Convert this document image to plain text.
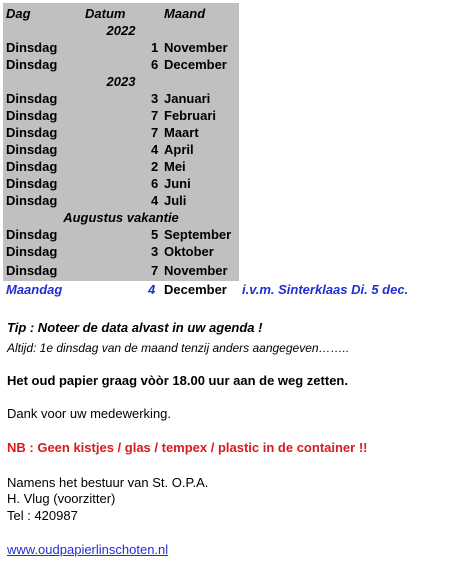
Dag	Datum	Maand
2022
Dinsdag	1 November
Dinsdag	6 December
2023
Dinsdag	3 Januari
Dinsdag	7 Februari
Dinsdag	7 Maart
Dinsdag	4 April
Dinsdag	2 Mei
Dinsdag	6 Juni
Dinsdag	4 Juli
Augustus vakantie
Dinsdag	5 September
Dinsdag	3 Oktober
Dinsdag	7 November
Maandag	4 December i.v.m. Sinterklaas Di. 5 dec.
Tip : Noteer de data alvast in uw agenda !
Altijd: 1e dinsdag van de maand tenzij anders aangegeven……..
Het oud papier graag vòòr 18.00 uur aan de weg zetten.
Dank voor uw medewerking.
NB : Geen kistjes / glas / tempex / plastic in de container !!
Namens het bestuur van St. O.P.A.
H. Vlug (voorzitter)
Tel : 420987
www.oudpapierlinschoten.nl
